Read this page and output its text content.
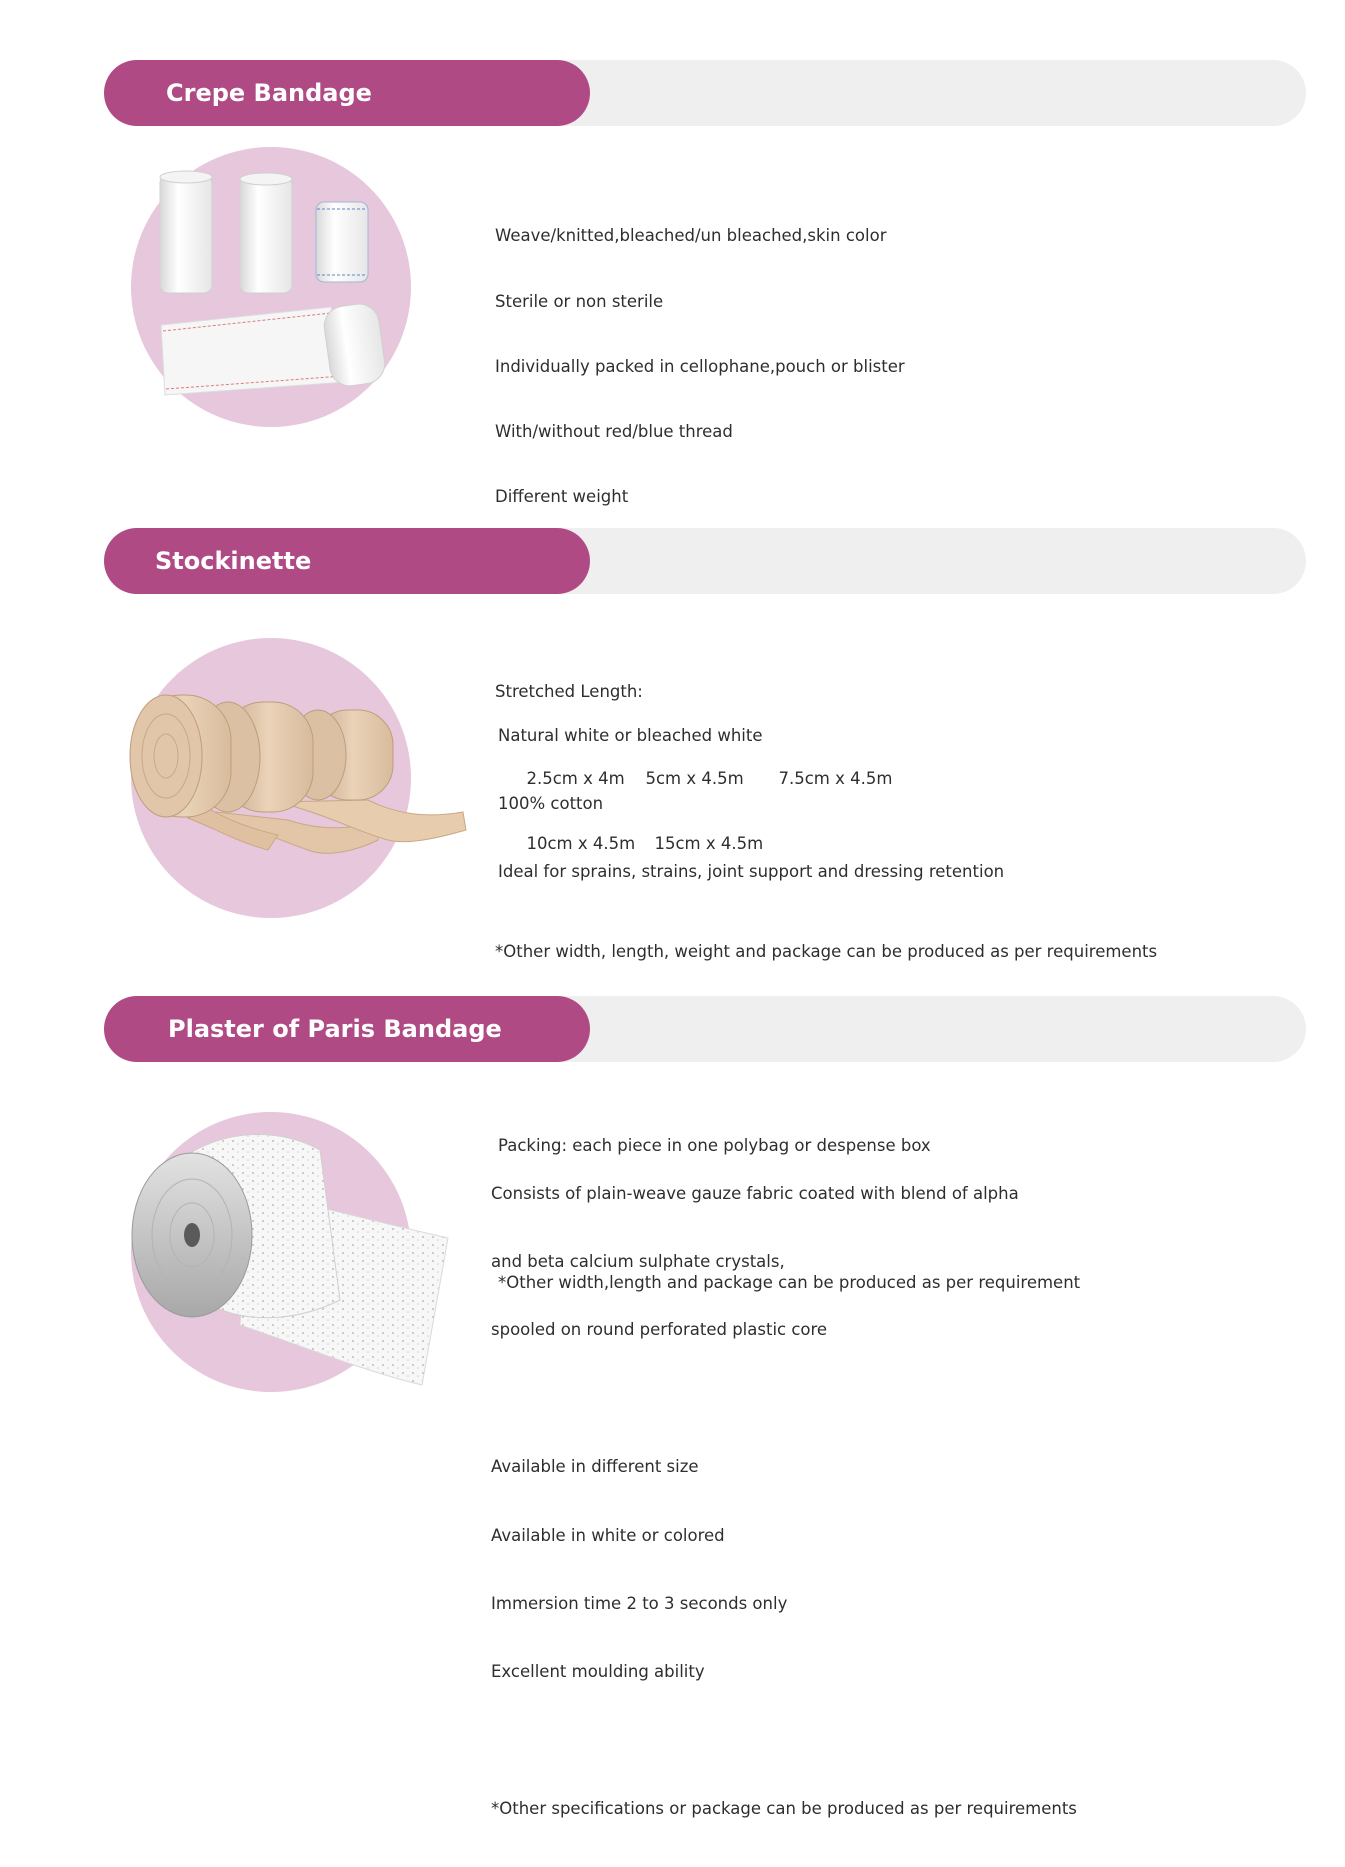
Crepe Bandage

Weave/knitted,bleached/un bleached,skin color

Sterile or non sterile

Individually packed in cellophane,pouch or blister

With/without red/blue thread

Different weight

Stretched Length:

2.5cm x 4m 5cm x 4.5m 7.5cm x 4.5m

10cm x 4.5m 15cm x 4.5m

*Other width, length, weight and package can be produced as per requirements

Stockinette

Natural white or bleached white

100% cotton

Ideal for sprains, strains, joint support and dressing retention

Packing: each piece in one polybag or despense box

*Other width,length and package can be produced as per requirement

Plaster of Paris Bandage

Consists of plain-weave gauze fabric coated with blend of alpha

and beta calcium sulphate crystals,

spooled on round perforated plastic core

Available in different size

Available in white or colored

Immersion time 2 to 3 seconds only

Excellent moulding ability

*Other specifications or package can be produced as per requirements
